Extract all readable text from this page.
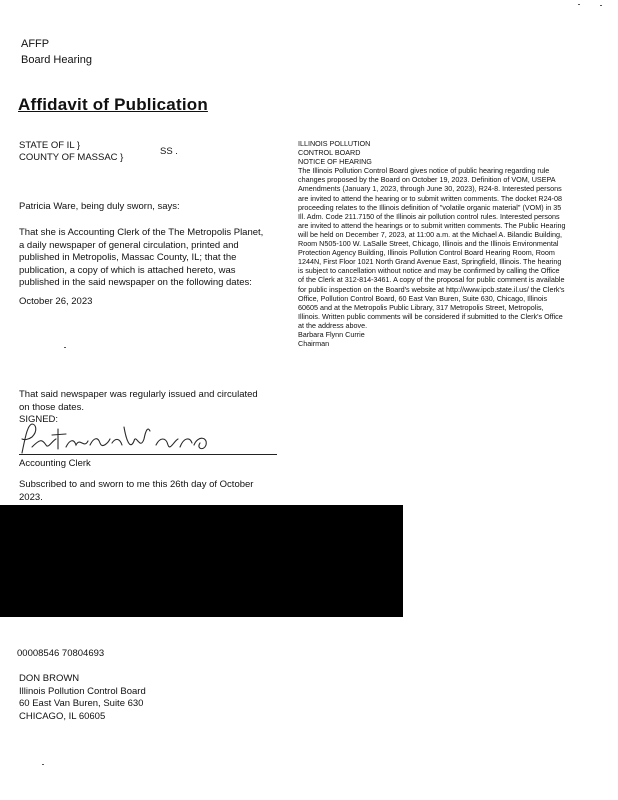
AFFP
Board Hearing
Affidavit of Publication
STATE OF IL }
COUNTY OF MASSAC }
SS .
Patricia Ware, being duly sworn, says:
That she is Accounting Clerk of the The Metropolis Planet,
a daily newspaper of general circulation, printed and
published in Metropolis, Massac County, IL; that the
publication, a copy of which is attached hereto, was
published in the said newspaper on the following dates:
October 26, 2023
That said newspaper was regularly issued and circulated
on those dates.
SIGNED:
Accounting Clerk
Subscribed to and sworn to me this 26th day of October
2023.
00008546 70804693
DON BROWN
Illinois Pollution Control Board
60 East Van Buren, Suite 630
CHICAGO, IL 60605

ILLINOIS POLLUTION

CONTROL BOARD

NOTICE OF HEARING

The Illinois Pollution Control Board gives notice of public hearing regarding rule

changes proposed by the Board on October 19, 2023. Definition of VOM, USEPA

Amendments (January 1, 2023, through June 30, 2023), R24-8. Interested persons

are invited to attend the hearing or to submit written comments. The docket R24-08

proceeding relates to the Illinois definition of "volatile organic material" (VOM) in 35

Ill. Adm. Code 211.7150 of the Illinois air pollution control rules. Interested persons

are invited to attend the hearings or to submit written comments. The Public Hearing

will be held on December 7, 2023, at 11:00 a.m. at the Michael A. Bilandic Building,

Room N505-100 W. LaSalle Street, Chicago, Illinois and the Illinois Environmental

Protection Agency Building, Illinois Pollution Control Board Hearing Room, Room

1244N, First Floor 1021 North Grand Avenue East, Springfield, Illinois. The hearing

is subject to cancellation without notice and may be confirmed by calling the Office

of the Clerk at 312-814-3461. A copy of the proposal for public comment is available

for public inspection on the Board's website at http://www.ipcb.state.il.us/ the Clerk's

Office, Pollution Control Board, 60 East Van Buren, Suite 630, Chicago, Illinois

60605 and at the Metropolis Public Library, 317 Metropolis Street, Metropolis,

Illinois. Written public comments will be considered if submitted to the Clerk's Office

at the address above.

Barbara Flynn Currie

Chairman
